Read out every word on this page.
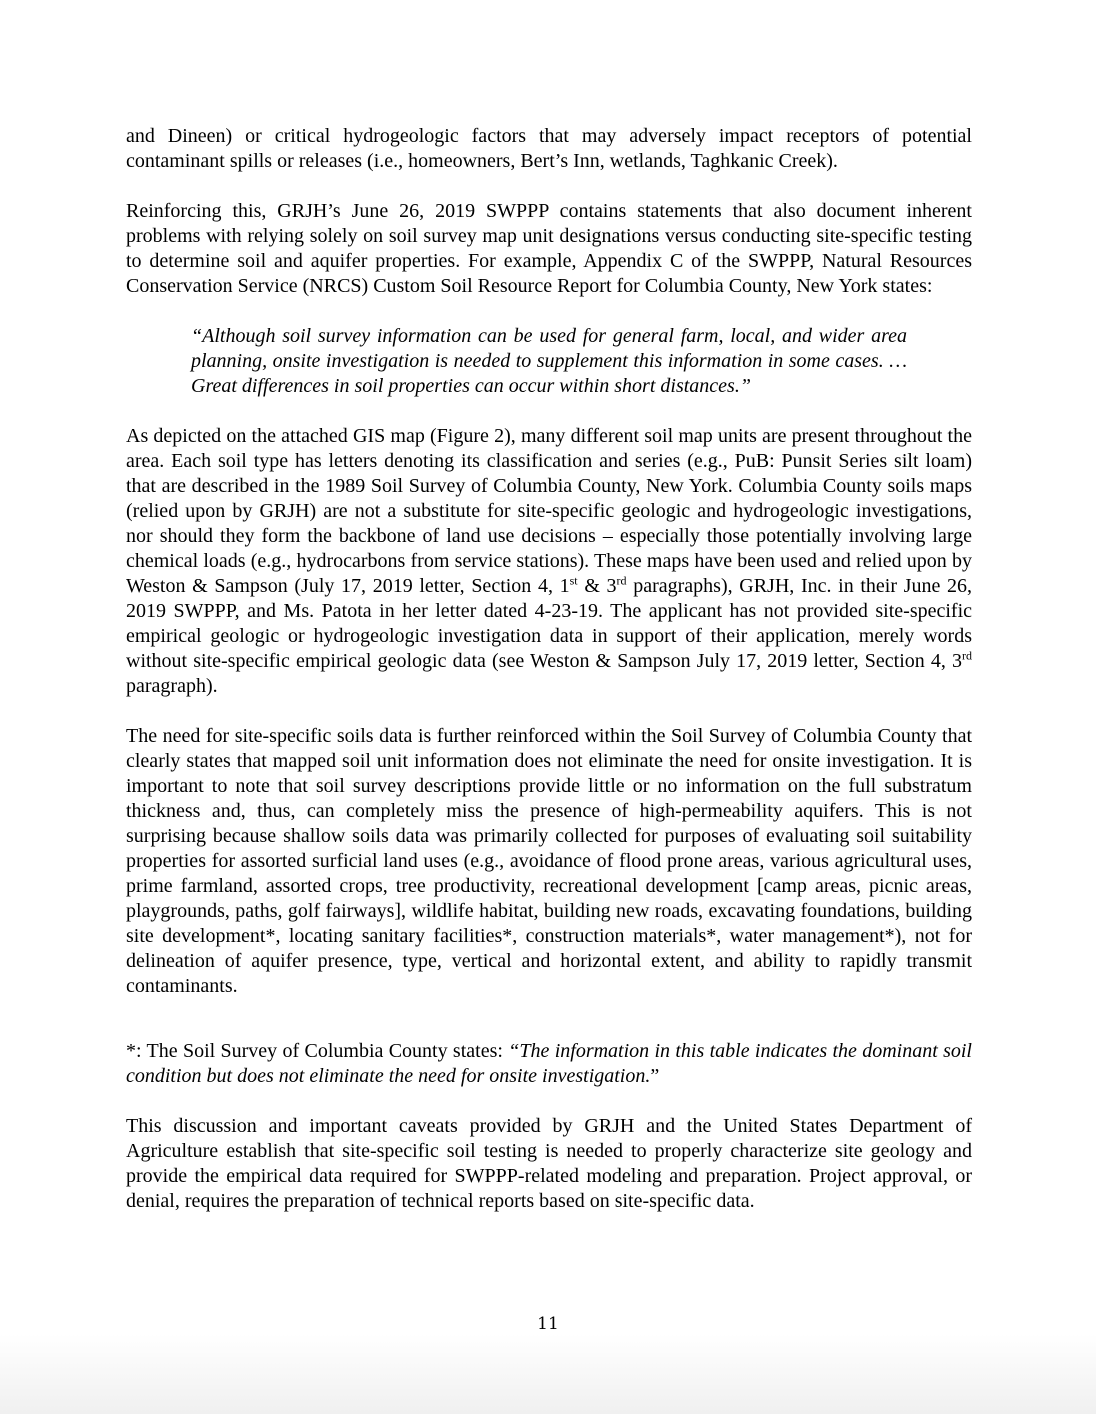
and Dineen) or critical hydrogeologic factors that may adversely impact receptors of potential contaminant spills or releases (i.e., homeowners, Bert’s Inn, wetlands, Taghkanic Creek).

Reinforcing this, GRJH’s June 26, 2019 SWPPP contains statements that also document inherent problems with relying solely on soil survey map unit designations versus conducting site-specific testing to determine soil and aquifer properties. For example, Appendix C of the SWPPP, Natural Resources Conservation Service (NRCS) Custom Soil Resource Report for Columbia County, New York states:

“Although soil survey information can be used for general farm, local, and wider area planning, onsite investigation is needed to supplement this information in some cases. … Great differences in soil properties can occur within short distances.”

As depicted on the attached GIS map (Figure 2), many different soil map units are present throughout the area. Each soil type has letters denoting its classification and series (e.g., PuB: Punsit Series silt loam) that are described in the 1989 Soil Survey of Columbia County, New York. Columbia County soils maps (relied upon by GRJH) are not a substitute for site-specific geologic and hydrogeologic investigations, nor should they form the backbone of land use decisions – especially those potentially involving large chemical loads (e.g., hydrocarbons from service stations). These maps have been used and relied upon by Weston & Sampson (July 17, 2019 letter, Section 4, 1st & 3rd paragraphs), GRJH, Inc. in their June 26, 2019 SWPPP, and Ms. Patota in her letter dated 4-23-19. The applicant has not provided site-specific empirical geologic or hydrogeologic investigation data in support of their application, merely words without site-specific empirical geologic data (see Weston & Sampson July 17, 2019 letter, Section 4, 3rd paragraph).

The need for site-specific soils data is further reinforced within the Soil Survey of Columbia County that clearly states that mapped soil unit information does not eliminate the need for onsite investigation. It is important to note that soil survey descriptions provide little or no information on the full substratum thickness and, thus, can completely miss the presence of high-permeability aquifers. This is not surprising because shallow soils data was primarily collected for purposes of evaluating soil suitability properties for assorted surficial land uses (e.g., avoidance of flood prone areas, various agricultural uses, prime farmland, assorted crops, tree productivity, recreational development [camp areas, picnic areas, playgrounds, paths, golf fairways], wildlife habitat, building new roads, excavating foundations, building site development*, locating sanitary facilities*, construction materials*, water management*), not for delineation of aquifer presence, type, vertical and horizontal extent, and ability to rapidly transmit contaminants.

*: The Soil Survey of Columbia County states: “The information in this table indicates the dominant soil condition but does not eliminate the need for onsite investigation.”

This discussion and important caveats provided by GRJH and the United States Department of Agriculture establish that site-specific soil testing is needed to properly characterize site geology and provide the empirical data required for SWPPP-related modeling and preparation. Project approval, or denial, requires the preparation of technical reports based on site-specific data.

11
